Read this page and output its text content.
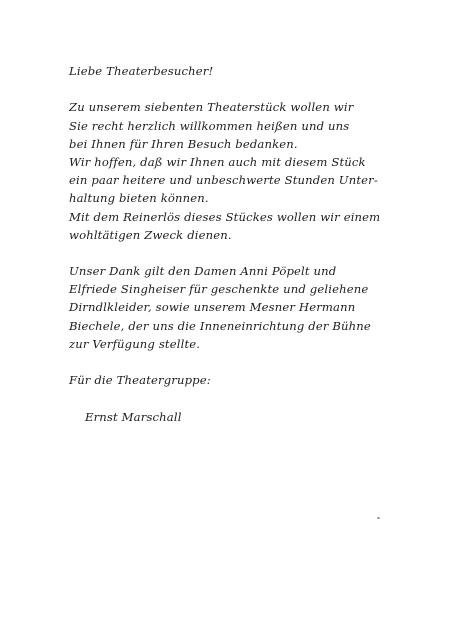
Liebe Theaterbesucher!
Zu unserem siebenten Theaterstück wollen wir
Sie recht herzlich willkommen heißen und uns
bei Ihnen für Ihren Besuch bedanken.
Wir hoffen, daß wir Ihnen auch mit diesem Stück
ein paar heitere und unbeschwerte Stunden Unter-
haltung bieten können.
Mit dem Reinerlös dieses Stückes wollen wir einem
wohltätigen Zweck dienen.
Unser Dank gilt den Damen Anni Pöpelt und
Elfriede Singheiser für geschenkte und geliehene
Dirndlkleider, sowie unserem Mesner Hermann
Biechele, der uns die Inneneinrichtung der Bühne
zur Verfügung stellte.
Für die Theatergruppe:
Ernst Marschall
